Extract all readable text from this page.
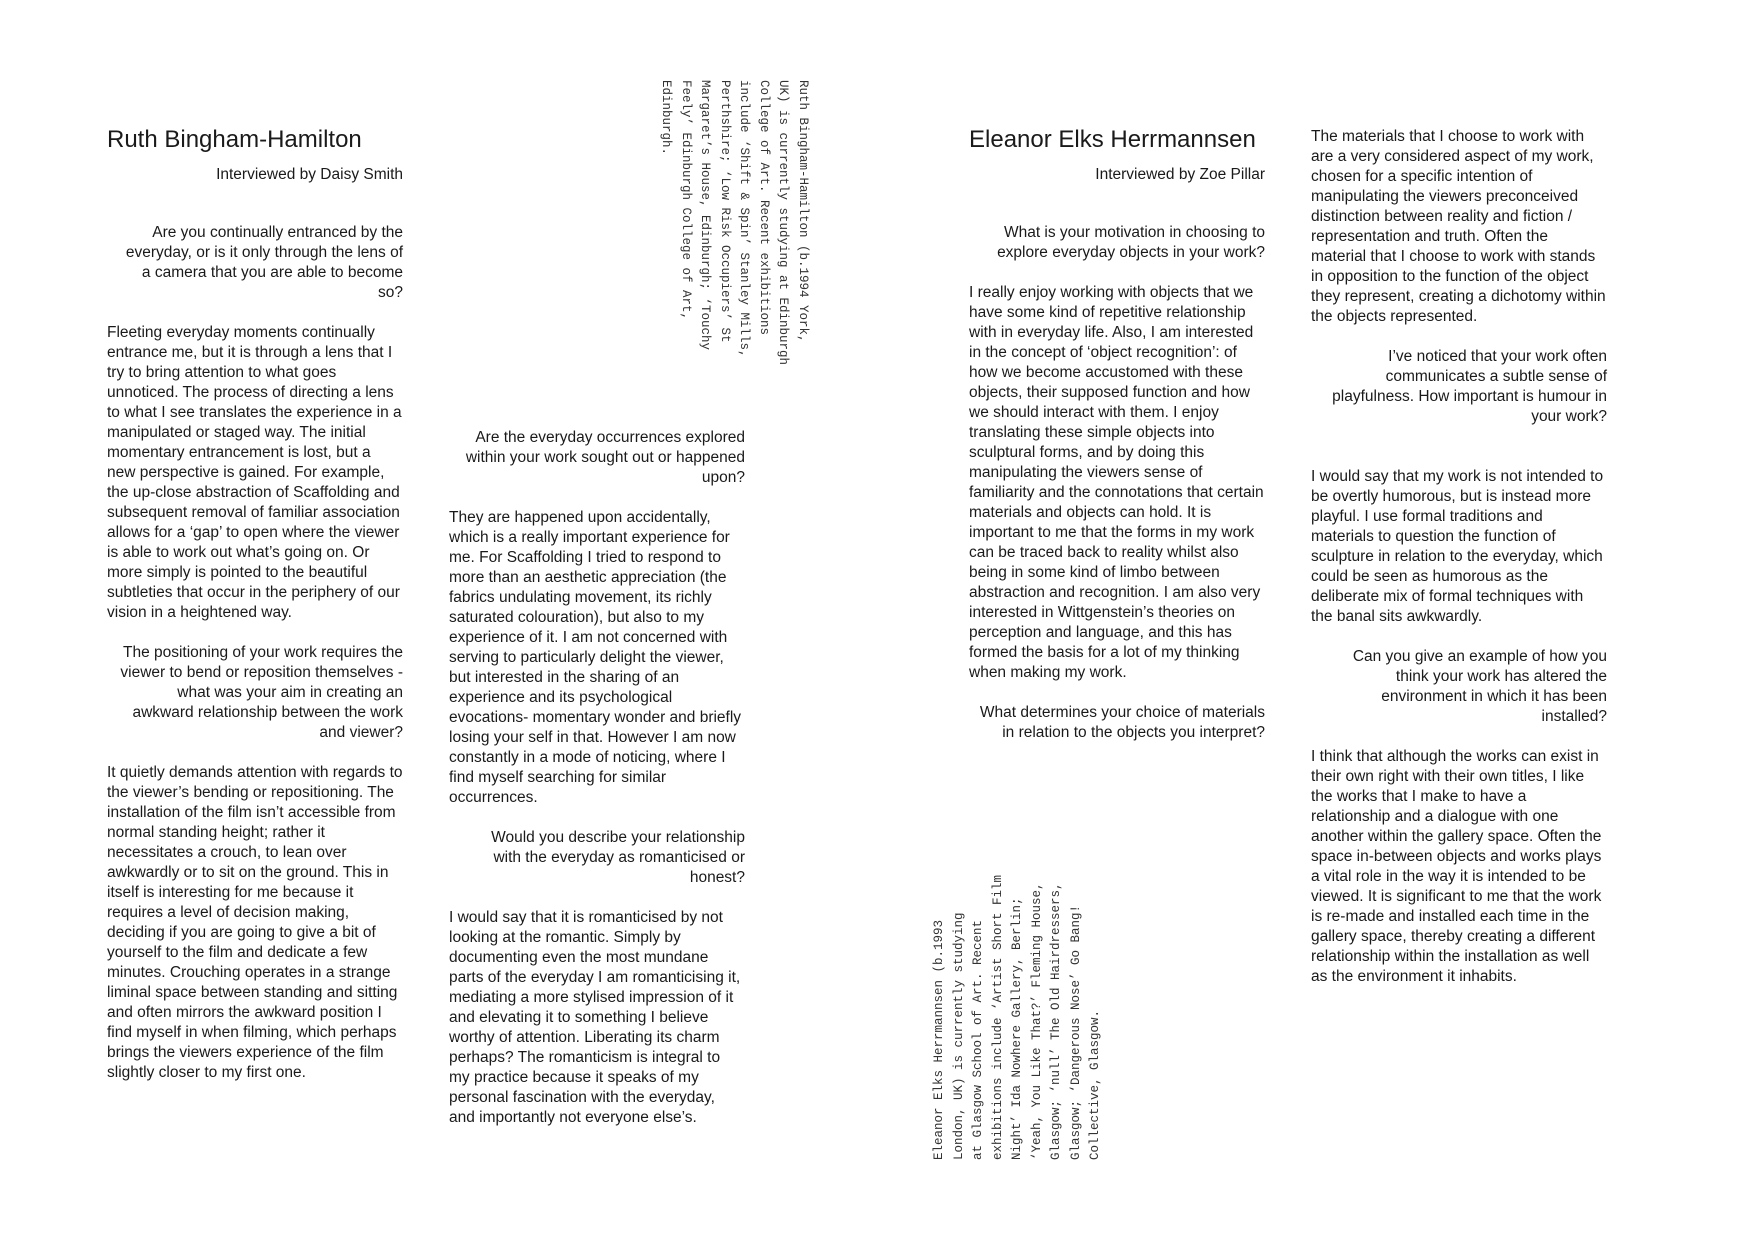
Ruth Bingham-Hamilton

Interviewed by Daisy Smith

Are you continually entranced by the everyday, or is it only through the lens of a camera that you are able to become so?

Fleeting everyday moments continually entrance me, but it is through a lens that I try to bring attention to what goes unnoticed. The process of directing a lens to what I see translates the experience in a manipulated or staged way. The initial momentary entrancement is lost, but a new perspective is gained. For example, the up-close abstraction of Scaffolding and subsequent removal of familiar association allows for a ‘gap’ to open where the viewer is able to work out what’s going on. Or more simply is pointed to the beautiful subtleties that occur in the periphery of our vision in a heightened way.

The positioning of your work requires the viewer to bend or reposition themselves - what was your aim in creating an awkward relationship between the work and viewer?

It quietly demands attention with regards to the viewer’s bending or repositioning. The installation of the film isn’t accessible from normal standing height; rather it necessitates a crouch, to lean over awkwardly or to sit on the ground. This in itself is interesting for me because it requires a level of decision making, deciding if you are going to give a bit of yourself to the film and dedicate a few minutes. Crouching operates in a strange liminal space between standing and sitting and often mirrors the awkward position I find myself in when filming, which perhaps brings the viewers experience of the film slightly closer to my first one.

Ruth Bingham-Hamilton (b.1994 York,
UK) is currently studying at Edinburgh
College of Art. Recent exhibitions
include ‘Shift & Spin’ Stanley Mills,
Perthshire; ‘Low Risk Occupiers’ St
Margaret’s House, Edinburgh; ‘Touchy
Feely’ Edinburgh College of Art,
Edinburgh.

Are the everyday occurrences explored within your work sought out or happened upon?

They are happened upon accidentally, which is a really important experience for me. For Scaffolding I tried to respond to more than an aesthetic appreciation (the fabrics undulating movement, its richly saturated colouration), but also to my experience of it. I am not concerned with serving to particularly delight the viewer, but interested in the sharing of an experience and its psychological evocations- momentary wonder and briefly losing your self in that. However I am now constantly in a mode of noticing, where I find myself searching for similar occurrences.

Would you describe your relationship with the everyday as romanticised or honest?

I would say that it is romanticised by not looking at the romantic. Simply by documenting even the most mundane parts of the everyday I am romanticising it, mediating a more stylised impression of it and elevating it to something I believe worthy of attention. Liberating its charm perhaps? The romanticism is integral to my practice because it speaks of my personal fascination with the everyday, and importantly not everyone else’s.

Eleanor Elks Herrmannsen

Interviewed by Zoe Pillar

What is your motivation in choosing to explore everyday objects in your work?

I really enjoy working with objects that we have some kind of repetitive relationship with in everyday life. Also, I am interested in the concept of ‘object recognition’: of how we become accustomed with these objects, their supposed function and how we should interact with them. I enjoy translating these simple objects into sculptural forms, and by doing this manipulating the viewers sense of familiarity and the connotations that certain materials and objects can hold. It is important to me that the forms in my work can be traced back to reality whilst also being in some kind of limbo between abstraction and recognition. I am also very interested in Wittgenstein’s theories on perception and language, and this has formed the basis for a lot of my thinking when making my work.

What determines your choice of materials in relation to the objects you interpret?

Eleanor Elks Herrmannsen (b.1993
London, UK) is currently studying
at Glasgow School of Art. Recent
exhibitions include ‘Artist Short Film
Night’ Ida Nowhere Gallery, Berlin;
‘Yeah, You Like That?’ Fleming House,
Glasgow; ‘null’ The Old Hairdressers,
Glasgow; ‘Dangerous Nose’ Go Bang!
Collective, Glasgow.

The materials that I choose to work with are a very considered aspect of my work, chosen for a specific intention of manipulating the viewers preconceived distinction between reality and fiction / representation and truth. Often the material that I choose to work with stands in opposition to the function of the object they represent, creating a dichotomy within the objects represented.

I’ve noticed that your work often communicates a subtle sense of playfulness. How important is humour in your work?

I would say that my work is not intended to be overtly humorous, but is instead more playful. I use formal traditions and materials to question the function of sculpture in relation to the everyday, which could be seen as humorous as the deliberate mix of formal techniques with the banal sits awkwardly.

Can you give an example of how you think your work has altered the environment in which it has been installed?

I think that although the works can exist in their own right with their own titles, I like the works that I make to have a relationship and a dialogue with one another within the gallery space. Often the space in-between objects and works plays a vital role in the way it is intended to be viewed. It is significant to me that the work is re-made and installed each time in the gallery space, thereby creating a different relationship within the installation as well as the environment it inhabits.
